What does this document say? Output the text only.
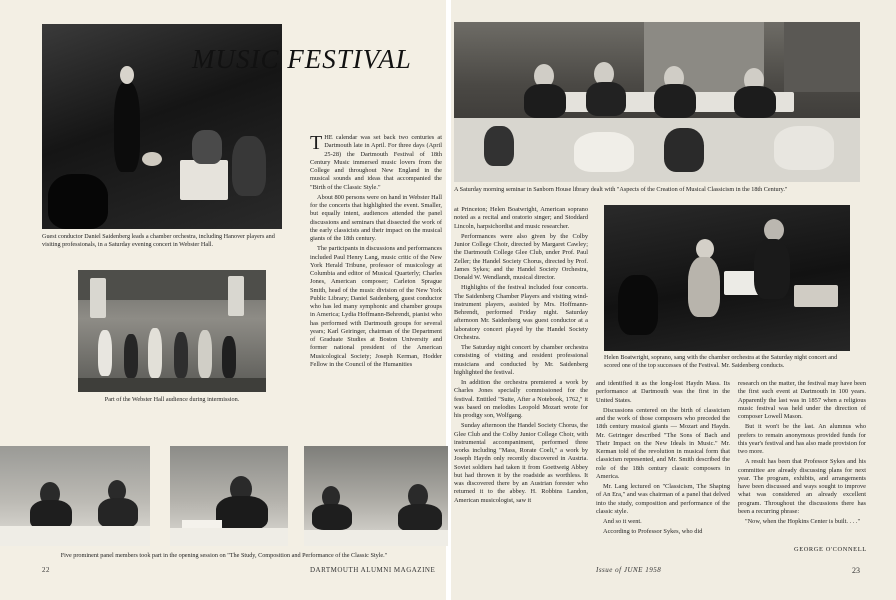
MUSIC FESTIVAL
Guest conductor Daniel Saidenberg leads a chamber orchestra, including Hanover players and visiting professionals, in a Saturday evening concert in Webster Hall.
Part of the Webster Hall audience during intermission.
Five prominent panel members took part in the opening session on "The Study, Composition and Performance of the Classic Style."

THE calendar was set back two centuries at Dartmouth late in April. For three days (April 25-28) the Dartmouth Festival of 18th Century Music immersed music lovers from the College and throughout New England in the musical sounds and ideas that accompanied the "Birth of the Classic Style."

About 800 persons were on hand in Webster Hall for the concerts that highlighted the event. Smaller, but equally intent, audiences attended the panel discussions and seminars that dissected the work of the early classicists and their impact on the musical giants of the 18th century.

The participants in discussions and performances included Paul Henry Lang, music critic of the New York Herald Tribune, professor of musicology at Columbia and editor of Musical Quarterly; Charles Jones, American composer; Carleton Sprague Smith, head of the music division of the New York Public Library; Daniel Saidenberg, guest conductor who has led many symphonic and chamber groups in America; Lydia Hoffmann-Behrendt, pianist who has performed with Dartmouth groups for several years; Karl Geiringer, chairman of the Department of Graduate Studies at Boston University and former national president of the American Musicological Society; Joseph Kerman, Hodder Fellow in the Council of the Humanities

22
A Saturday morning seminar in Sanborn House library dealt with "Aspects of the Creation of Musical Classicism in the 18th Century."
Helen Boatwright, soprano, sang with the chamber orchestra at the Saturday night concert and scored one of the top successes of the Festival. Mr. Saidenberg conducts.

at Princeton; Helen Boatwright, American soprano noted as a recital and oratorio singer; and Stoddard Lincoln, harpsichordist and music researcher.

Performances were also given by the Colby Junior College Choir, directed by Margaret Cawley; the Dartmouth College Glee Club, under Prof. Paul Zeller; the Handel Society Chorus, directed by Prof. James Sykes; and the Handel Society Orchestra, Donald W. Wendlandt, musical director.

Highlights of the festival included four concerts. The Saidenberg Chamber Players and visiting wind-instrument players, assisted by Mrs. Hoffmann-Behrendt, performed Friday night. Saturday afternoon Mr. Saidenberg was guest conductor at a laboratory concert played by the Handel Society Orchestra.

The Saturday night concert by chamber orchestra consisting of visiting and resident professional musicians and conducted by Mr. Saidenberg highlighted the festival.

In addition the orchestra premiered a work by Charles Jones specially commissioned for the festival. Entitled "Suite, After a Notebook, 1762," it was based on melodies Leopold Mozart wrote for his prodigy son, Wolfgang.

Sunday afternoon the Handel Society Chorus, the Glee Club and the Colby Junior College Choir, with instrumental accompaniment, performed three works including "Mass, Rorate Coeli," a work by Joseph Haydn only recently discovered in Austria. Soviet soldiers had taken it from Goettweig Abbey but had thrown it by the roadside as worthless. It was discovered there by an Austrian forester who returned it to the abbey. H. Robbins Landon, American musicologist, saw it

and identified it as the long-lost Haydn Mass. Its performance at Dartmouth was the first in the United States.

Discussions centered on the birth of classicism and the work of those composers who preceded the 18th century musical giants — Mozart and Haydn. Mr. Geiringer described "The Sons of Bach and Their Impact on the New Ideals in Music." Mr. Kerman told of the revolution in musical form that classicism represented, and Mr. Smith described the role of the 18th century classic composers in America.

Mr. Lang lectured on "Classicism, The Shaping of An Era," and was chairman of a panel that delved into the study, composition and performance of the classic style.

And so it went.

According to Professor Sykes, who did

research on the matter, the festival may have been the first such event at Dartmouth in 100 years. Apparently the last was in 1857 when a religious music festival was held under the direction of composer Lowell Mason.

But it won't be the last. An alumnus who prefers to remain anonymous provided funds for this year's festival and has also made provision for two more.

A result has been that Professor Sykes and his committee are already discussing plans for next year. The program, exhibits, and arrangements have been discussed and ways sought to improve what was considered an already excellent program. Throughout the discussions there has been a recurring phrase:

"Now, when the Hopkins Center is built. . . ."

GEORGE O'CONNELL
DARTMOUTH ALUMNI MAGAZINE	Issue of JUNE 1958	23
